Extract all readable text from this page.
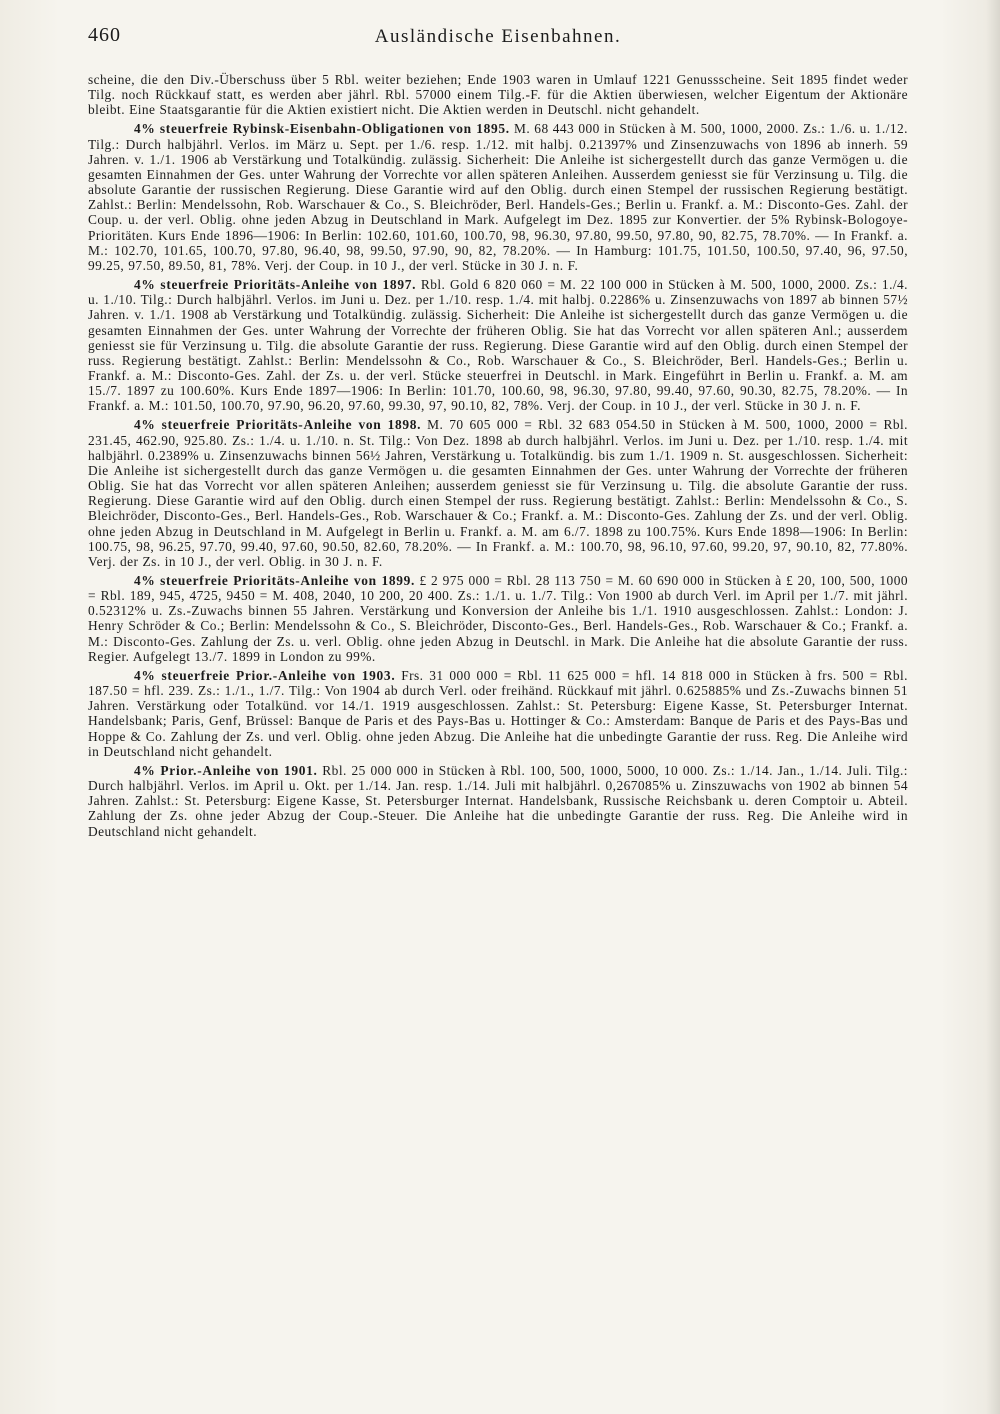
460	Ausländische Eisenbahnen.

scheine, die den Div.-Überschuss über 5 Rbl. weiter beziehen; Ende 1903 waren in Umlauf 1221 Genussscheine. Seit 1895 findet weder Tilg. noch Rückkauf statt, es werden aber jährl. Rbl. 57000 einem Tilg.-F. für die Aktien überwiesen, welcher Eigentum der Aktionäre bleibt. Eine Staatsgarantie für die Aktien existiert nicht. Die Aktien werden in Deutschl. nicht gehandelt.

4% steuerfreie Rybinsk-Eisenbahn-Obligationen von 1895. M. 68 443 000 in Stücken à M. 500, 1000, 2000. Zs.: 1./6. u. 1./12. Tilg.: Durch halbjährl. Verlos. im März u. Sept. per 1./6. resp. 1./12. mit halbj. 0.21397% und Zinsenzuwachs von 1896 ab innerh. 59 Jahren. v. 1./1. 1906 ab Verstärkung und Totalkündig. zulässig. Sicherheit: Die Anleihe ist sichergestellt durch das ganze Vermögen u. die gesamten Einnahmen der Ges. unter Wahrung der Vorrechte vor allen späteren Anleihen. Ausserdem geniesst sie für Verzinsung u. Tilg. die absolute Garantie der russischen Regierung. Diese Garantie wird auf den Oblig. durch einen Stempel der russischen Regierung bestätigt. Zahlst.: Berlin: Mendelssohn, Rob. Warschauer & Co., S. Bleichröder, Berl. Handels-Ges.; Berlin u. Frankf. a. M.: Disconto-Ges. Zahl. der Coup. u. der verl. Oblig. ohne jeden Abzug in Deutschland in Mark. Aufgelegt im Dez. 1895 zur Konvertier. der 5% Rybinsk-Bologoye-Prioritäten. Kurs Ende 1896—1906: In Berlin: 102.60, 101.60, 100.70, 98, 96.30, 97.80, 99.50, 97.80, 90, 82.75, 78.70%. — In Frankf. a. M.: 102.70, 101.65, 100.70, 97.80, 96.40, 98, 99.50, 97.90, 90, 82, 78.20%. — In Hamburg: 101.75, 101.50, 100.50, 97.40, 96, 97.50, 99.25, 97.50, 89.50, 81, 78%. Verj. der Coup. in 10 J., der verl. Stücke in 30 J. n. F.

4% steuerfreie Prioritäts-Anleihe von 1897. Rbl. Gold 6 820 060 = M. 22 100 000 in Stücken à M. 500, 1000, 2000. Zs.: 1./4. u. 1./10. Tilg.: Durch halbjährl. Verlos. im Juni u. Dez. per 1./10. resp. 1./4. mit halbj. 0.2286% u. Zinsenzuwachs von 1897 ab binnen 57½ Jahren. v. 1./1. 1908 ab Verstärkung und Totalkündig. zulässig. Sicherheit: Die Anleihe ist sichergestellt durch das ganze Vermögen u. die gesamten Einnahmen der Ges. unter Wahrung der Vorrechte der früheren Oblig. Sie hat das Vorrecht vor allen späteren Anl.; ausserdem geniesst sie für Verzinsung u. Tilg. die absolute Garantie der russ. Regierung. Diese Garantie wird auf den Oblig. durch einen Stempel der russ. Regierung bestätigt. Zahlst.: Berlin: Mendelssohn & Co., Rob. Warschauer & Co., S. Bleichröder, Berl. Handels-Ges.; Berlin u. Frankf. a. M.: Disconto-Ges. Zahl. der Zs. u. der verl. Stücke steuerfrei in Deutschl. in Mark. Eingeführt in Berlin u. Frankf. a. M. am 15./7. 1897 zu 100.60%. Kurs Ende 1897—1906: In Berlin: 101.70, 100.60, 98, 96.30, 97.80, 99.40, 97.60, 90.30, 82.75, 78.20%. — In Frankf. a. M.: 101.50, 100.70, 97.90, 96.20, 97.60, 99.30, 97, 90.10, 82, 78%. Verj. der Coup. in 10 J., der verl. Stücke in 30 J. n. F.

4% steuerfreie Prioritäts-Anleihe von 1898. M. 70 605 000 = Rbl. 32 683 054.50 in Stücken à M. 500, 1000, 2000 = Rbl. 231.45, 462.90, 925.80. Zs.: 1./4. u. 1./10. n. St. Tilg.: Von Dez. 1898 ab durch halbjährl. Verlos. im Juni u. Dez. per 1./10. resp. 1./4. mit halbjährl. 0.2389% u. Zinsenzuwachs binnen 56½ Jahren, Verstärkung u. Totalkündig. bis zum 1./1. 1909 n. St. ausgeschlossen. Sicherheit: Die Anleihe ist sichergestellt durch das ganze Vermögen u. die gesamten Einnahmen der Ges. unter Wahrung der Vorrechte der früheren Oblig. Sie hat das Vorrecht vor allen späteren Anleihen; ausserdem geniesst sie für Verzinsung u. Tilg. die absolute Garantie der russ. Regierung. Diese Garantie wird auf den Oblig. durch einen Stempel der russ. Regierung bestätigt. Zahlst.: Berlin: Mendelssohn & Co., S. Bleichröder, Disconto-Ges., Berl. Handels-Ges., Rob. Warschauer & Co.; Frankf. a. M.: Disconto-Ges. Zahlung der Zs. und der verl. Oblig. ohne jeden Abzug in Deutschland in M. Aufgelegt in Berlin u. Frankf. a. M. am 6./7. 1898 zu 100.75%. Kurs Ende 1898—1906: In Berlin: 100.75, 98, 96.25, 97.70, 99.40, 97.60, 90.50, 82.60, 78.20%. — In Frankf. a. M.: 100.70, 98, 96.10, 97.60, 99.20, 97, 90.10, 82, 77.80%. Verj. der Zs. in 10 J., der verl. Oblig. in 30 J. n. F.

4% steuerfreie Prioritäts-Anleihe von 1899. £ 2 975 000 = Rbl. 28 113 750 = M. 60 690 000 in Stücken à £ 20, 100, 500, 1000 = Rbl. 189, 945, 4725, 9450 = M. 408, 2040, 10 200, 20 400. Zs.: 1./1. u. 1./7. Tilg.: Von 1900 ab durch Verl. im April per 1./7. mit jährl. 0.52312% u. Zs.-Zuwachs binnen 55 Jahren. Verstärkung und Konversion der Anleihe bis 1./1. 1910 ausgeschlossen. Zahlst.: London: J. Henry Schröder & Co.; Berlin: Mendelssohn & Co., S. Bleichröder, Disconto-Ges., Berl. Handels-Ges., Rob. Warschauer & Co.; Frankf. a. M.: Disconto-Ges. Zahlung der Zs. u. verl. Oblig. ohne jeden Abzug in Deutschl. in Mark. Die Anleihe hat die absolute Garantie der russ. Regier. Aufgelegt 13./7. 1899 in London zu 99%.

4% steuerfreie Prior.-Anleihe von 1903. Frs. 31 000 000 = Rbl. 11 625 000 = hfl. 14 818 000 in Stücken à frs. 500 = Rbl. 187.50 = hfl. 239. Zs.: 1./1., 1./7. Tilg.: Von 1904 ab durch Verl. oder freihänd. Rückkauf mit jährl. 0.625885% und Zs.-Zuwachs binnen 51 Jahren. Verstärkung oder Totalkünd. vor 14./1. 1919 ausgeschlossen. Zahlst.: St. Petersburg: Eigene Kasse, St. Petersburger Internat. Handelsbank; Paris, Genf, Brüssel: Banque de Paris et des Pays-Bas u. Hottinger & Co.: Amsterdam: Banque de Paris et des Pays-Bas und Hoppe & Co. Zahlung der Zs. und verl. Oblig. ohne jeden Abzug. Die Anleihe hat die unbedingte Garantie der russ. Reg. Die Anleihe wird in Deutschland nicht gehandelt.

4% Prior.-Anleihe von 1901. Rbl. 25 000 000 in Stücken à Rbl. 100, 500, 1000, 5000, 10 000. Zs.: 1./14. Jan., 1./14. Juli. Tilg.: Durch halbjährl. Verlos. im April u. Okt. per 1./14. Jan. resp. 1./14. Juli mit halbjährl. 0,267085% u. Zinszuwachs von 1902 ab binnen 54 Jahren. Zahlst.: St. Petersburg: Eigene Kasse, St. Petersburger Internat. Handelsbank, Russische Reichsbank u. deren Comptoir u. Abteil. Zahlung der Zs. ohne jeder Abzug der Coup.-Steuer. Die Anleihe hat die unbedingte Garantie der russ. Reg. Die Anleihe wird in Deutschland nicht gehandelt.
